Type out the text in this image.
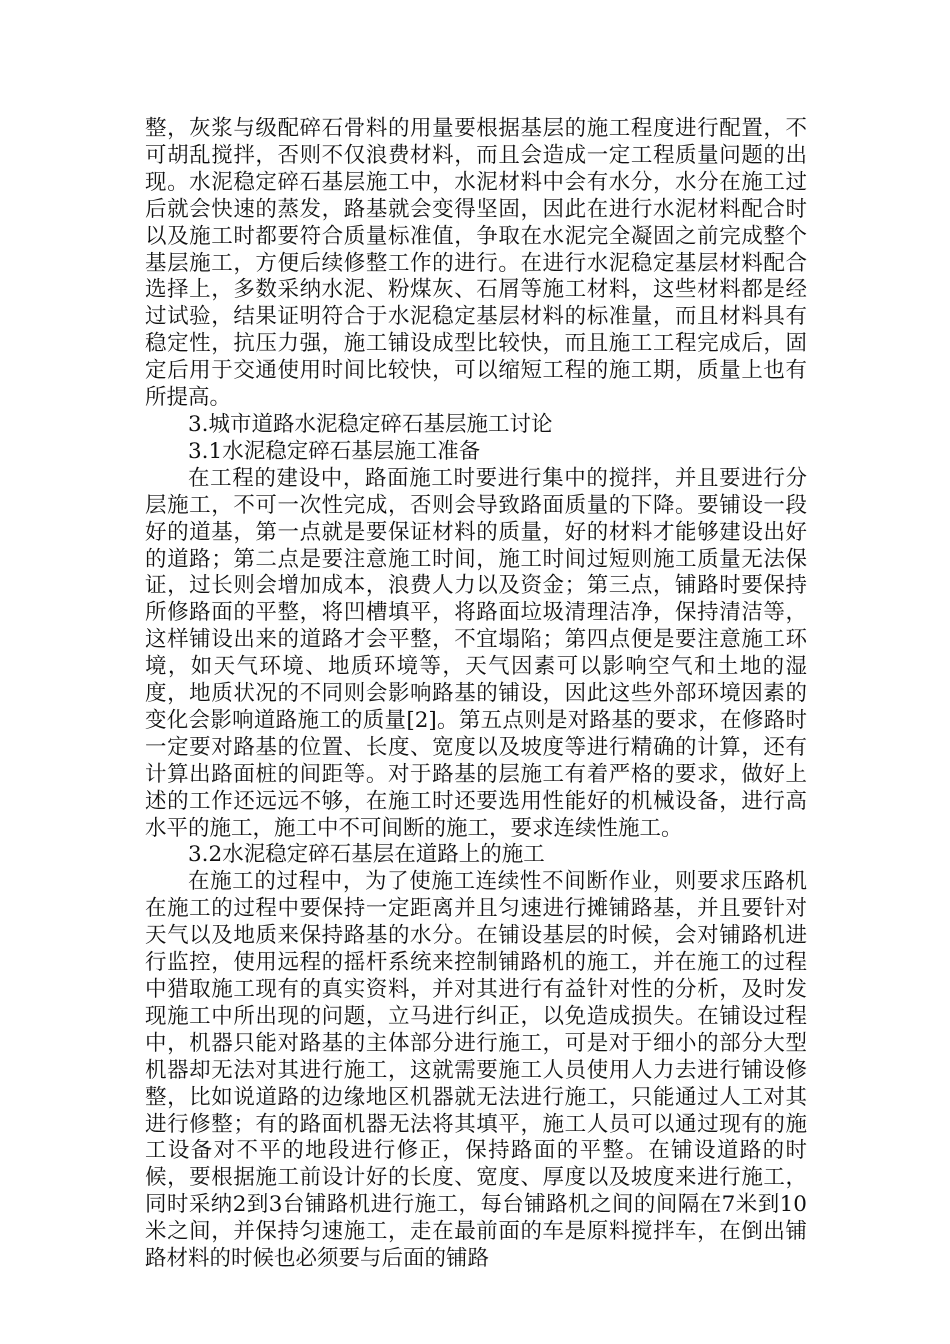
整，灰浆与级配碎石骨料的用量要根据基层的施工程度进行配置，不可胡乱搅拌，否则不仅浪费材料，而且会造成一定工程质量问题的出现。水泥稳定碎石基层施工中，水泥材料中会有水分，水分在施工过后就会快速的蒸发，路基就会变得坚固，因此在进行水泥材料配合时以及施工时都要符合质量标准值，争取在水泥完全凝固之前完成整个基层施工，方便后续修整工作的进行。在进行水泥稳定基层材料配合选择上，多数采纳水泥、粉煤灰、石屑等施工材料，这些材料都是经过试验，结果证明符合于水泥稳定基层材料的标准量，而且材料具有稳定性，抗压力强，施工铺设成型比较快，而且施工工程完成后，固定后用于交通使用时间比较快，可以缩短工程的施工期，质量上也有所提高。

3.城市道路水泥稳定碎石基层施工讨论
3.1水泥稳定碎石基层施工准备

在工程的建设中，路面施工时要进行集中的搅拌，并且要进行分层施工，不可一次性完成，否则会导致路面质量的下降。要铺设一段好的道基，第一点就是要保证材料的质量，好的材料才能够建设出好的道路；第二点是要注意施工时间，施工时间过短则施工质量无法保证，过长则会增加成本，浪费人力以及资金；第三点，铺路时要保持所修路面的平整，将凹槽填平，将路面垃圾清理洁净，保持清洁等，这样铺设出来的道路才会平整，不宜塌陷；第四点便是要注意施工环境，如天气环境、地质环境等，天气因素可以影响空气和土地的湿度，地质状况的不同则会影响路基的铺设，因此这些外部环境因素的变化会影响道路施工的质量[2]。第五点则是对路基的要求，在修路时一定要对路基的位置、长度、宽度以及坡度等进行精确的计算，还有计算出路面桩的间距等。对于路基的层施工有着严格的要求，做好上述的工作还远远不够，在施工时还要选用性能好的机械设备，进行高水平的施工，施工中不可间断的施工，要求连续性施工。

3.2水泥稳定碎石基层在道路上的施工

在施工的过程中，为了使施工连续性不间断作业，则要求压路机在施工的过程中要保持一定距离并且匀速进行摊铺路基，并且要针对天气以及地质来保持路基的水分。在铺设基层的时候，会对铺路机进行监控，使用远程的摇杆系统来控制铺路机的施工，并在施工的过程中猎取施工现有的真实资料，并对其进行有益针对性的分析，及时发现施工中所出现的问题，立马进行纠正，以免造成损失。在铺设过程中，机器只能对路基的主体部分进行施工，可是对于细小的部分大型机器却无法对其进行施工，这就需要施工人员使用人力去进行铺设修整，比如说道路的边缘地区机器就无法进行施工，只能通过人工对其进行修整；有的路面机器无法将其填平，施工人员可以通过现有的施工设备对不平的地段进行修正，保持路面的平整。在铺设道路的时候，要根据施工前设计好的长度、宽度、厚度以及坡度来进行施工，同时采纳2到3台铺路机进行施工，每台铺路机之间的间隔在7米到10米之间，并保持匀速施工，走在最前面的车是原料搅拌车，在倒出铺路材料的时候也必须要与后面的铺路
